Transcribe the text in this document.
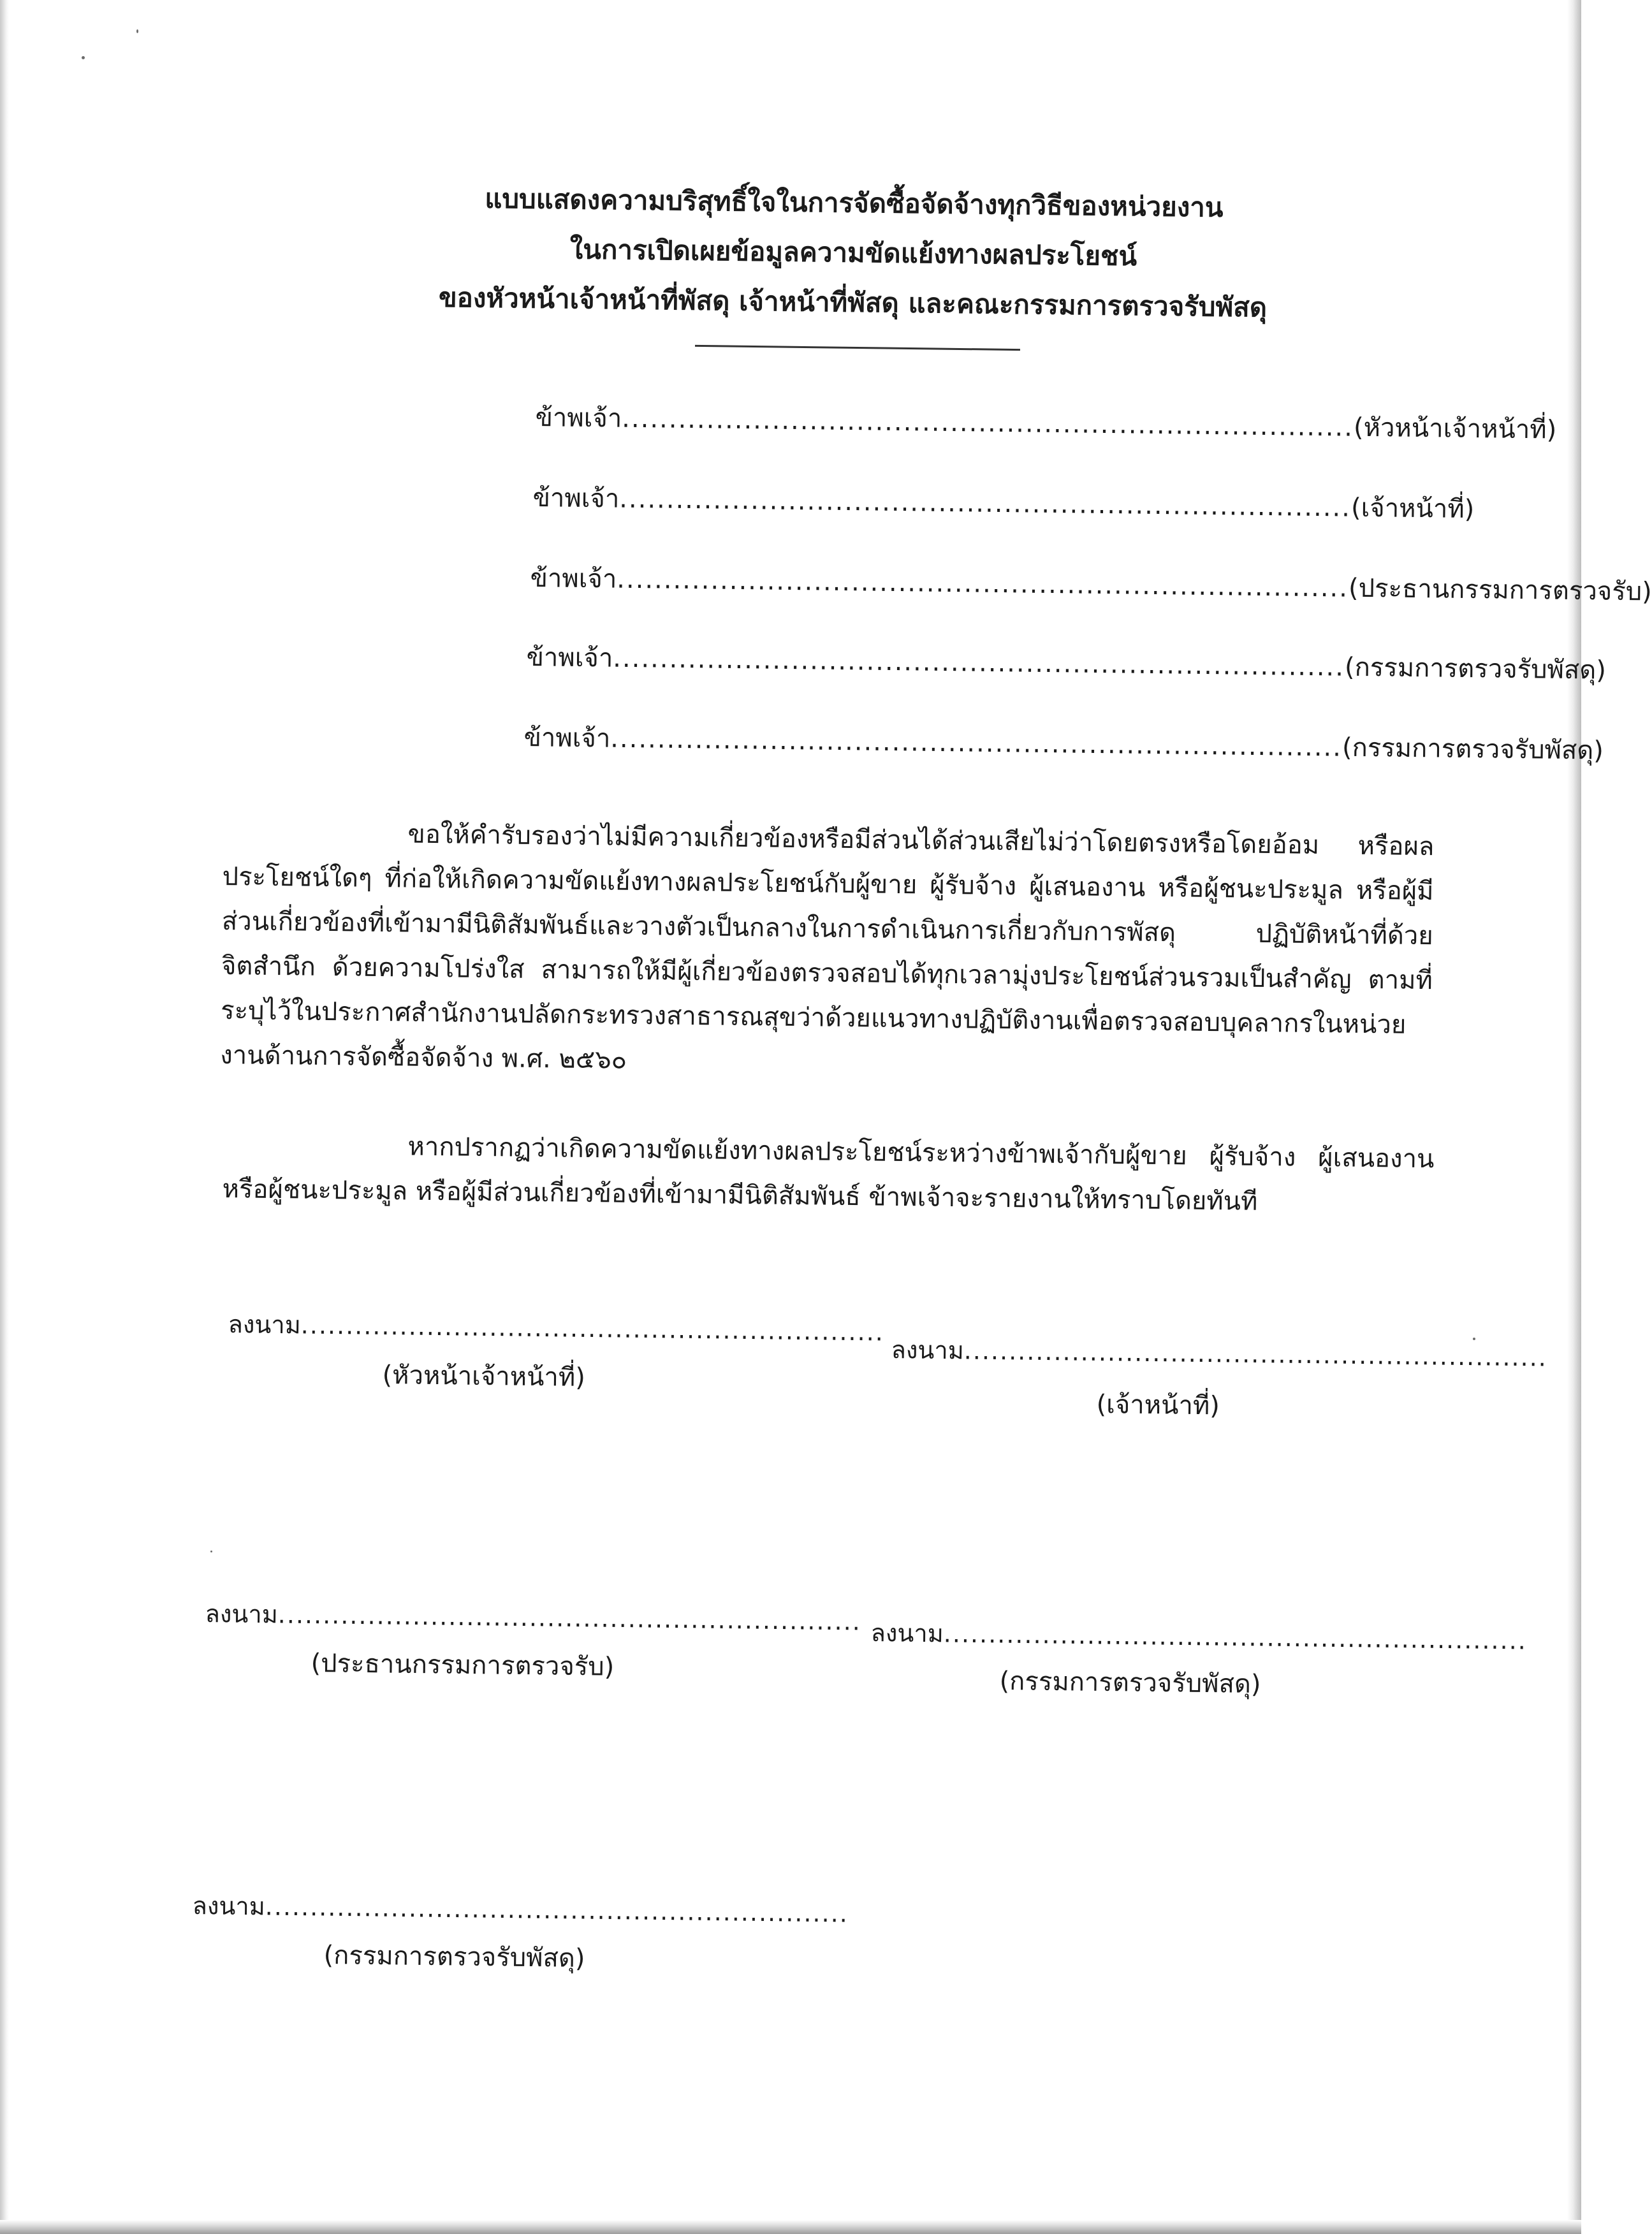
แบบแสดงความบริสุทธิ์ใจในการจัดซื้อจัดจ้างทุกวิธีของหน่วยงาน
ในการเปิดเผยข้อมูลความขัดแย้งทางผลประโยชน์
ของหัวหน้าเจ้าหน้าที่พัสดุ เจ้าหน้าที่พัสดุ และคณะกรรมการตรวจรับพัสดุ
ข้าพเจ้า..............................................................................(หัวหน้าเจ้าหน้าที่)
ข้าพเจ้า..............................................................................(เจ้าหน้าที่)
ข้าพเจ้า..............................................................................(ประธานกรรมการตรวจรับ)
ข้าพเจ้า..............................................................................(กรรมการตรวจรับพัสดุ)
ข้าพเจ้า..............................................................................(กรรมการตรวจรับพัสดุ)

ขอให้คำรับรองว่าไม่มีความเกี่ยวข้องหรือมีส่วนได้ส่วนเสียไม่ว่าโดยตรงหรือโดยอ้อม หรือผลประโยชน์ใดๆ ที่ก่อให้เกิดความขัดแย้งทางผลประโยชน์กับผู้ขาย ผู้รับจ้าง ผู้เสนองาน หรือผู้ชนะประมูล หรือผู้มีส่วนเกี่ยวข้องที่เข้ามามีนิติสัมพันธ์และวางตัวเป็นกลางในการดำเนินการเกี่ยวกับการพัสดุ ปฏิบัติหน้าที่ด้วยจิตสำนึก ด้วยความโปร่งใส สามารถให้มีผู้เกี่ยวข้องตรวจสอบได้ทุกเวลามุ่งประโยชน์ส่วนรวมเป็นสำคัญ ตามที่ระบุไว้ในประกาศสำนักงานปลัดกระทรวงสาธารณสุขว่าด้วยแนวทางปฏิบัติงานเพื่อตรวจสอบบุคลากรในหน่วยงานด้านการจัดซื้อจัดจ้าง พ.ศ. ๒๕๖๐

หากปรากฏว่าเกิดความขัดแย้งทางผลประโยชน์ระหว่างข้าพเจ้ากับผู้ขาย ผู้รับจ้าง ผู้เสนองาน หรือผู้ชนะประมูล หรือผู้มีส่วนเกี่ยวข้องที่เข้ามามีนิติสัมพันธ์ ข้าพเจ้าจะรายงานให้ทราบโดยทันที

ลงนาม.................................................................
(หัวหน้าเจ้าหน้าที่)
ลงนาม.................................................................
(เจ้าหน้าที่)
ลงนาม.................................................................
(ประธานกรรมการตรวจรับ)
ลงนาม.................................................................
(กรรมการตรวจรับพัสดุ)
ลงนาม.................................................................
(กรรมการตรวจรับพัสดุ)
